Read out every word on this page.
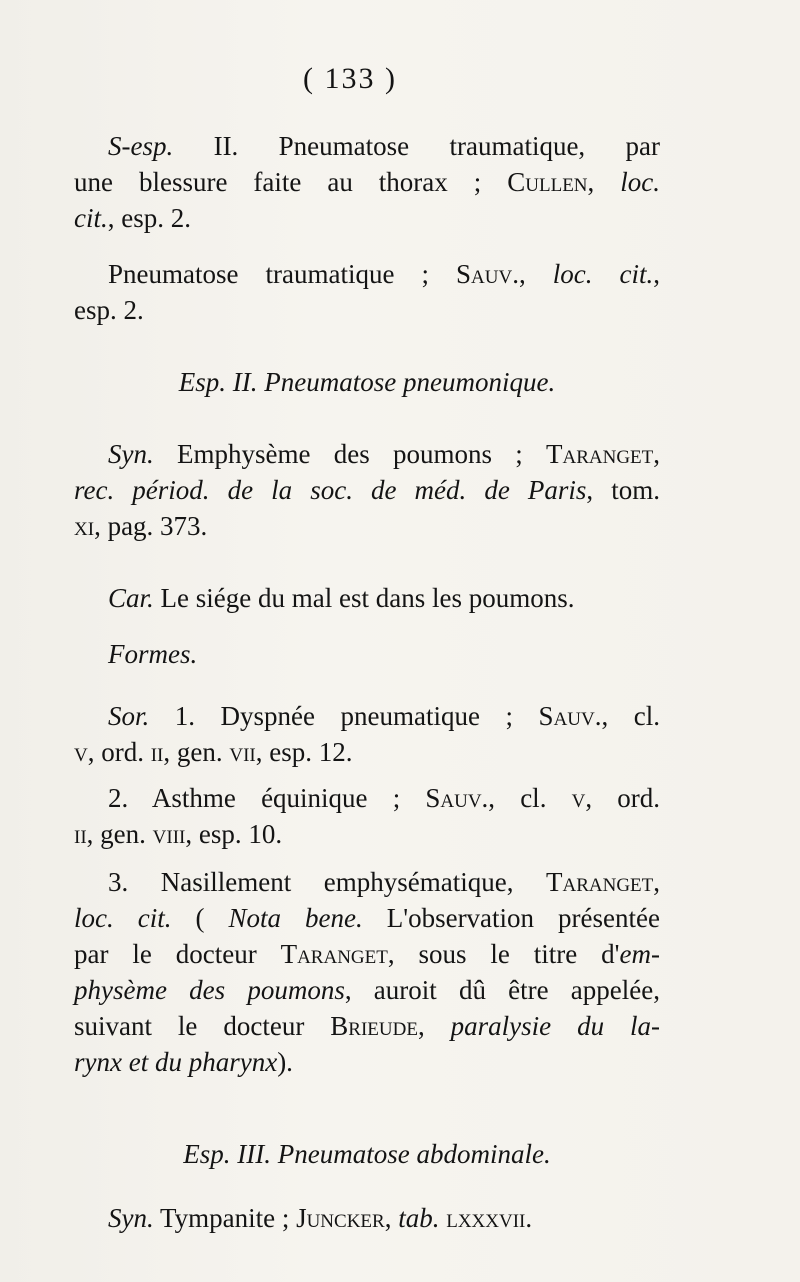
( 133 )
S-esp. II. Pneumatose traumatique, par
une blessure faite au thorax ; Cullen, loc.
cit., esp. 2.
Pneumatose traumatique ; Sauv., loc. cit.,
esp. 2.
Esp. II. Pneumatose pneumonique.
Syn. Emphysème des poumons ; Taranget,
rec. périod. de la soc. de méd. de Paris, tom.
xi, pag. 373.
Car. Le siége du mal est dans les poumons.
Formes.
Sor. 1. Dyspnée pneumatique ; Sauv., cl.
v, ord. ii, gen. vii, esp. 12.
2. Asthme équinique ; Sauv., cl. v, ord.
ii, gen. viii, esp. 10.
3. Nasillement emphysématique, Taranget,
loc. cit. ( Nota bene. L'observation présentée
par le docteur Taranget, sous le titre d'em-
physème des poumons, auroit dû être appelée,
suivant le docteur Brieude, paralysie du la-
rynx et du pharynx).
Esp. III. Pneumatose abdominale.
Syn. Tympanite ; Juncker, tab. lxxxvii.
